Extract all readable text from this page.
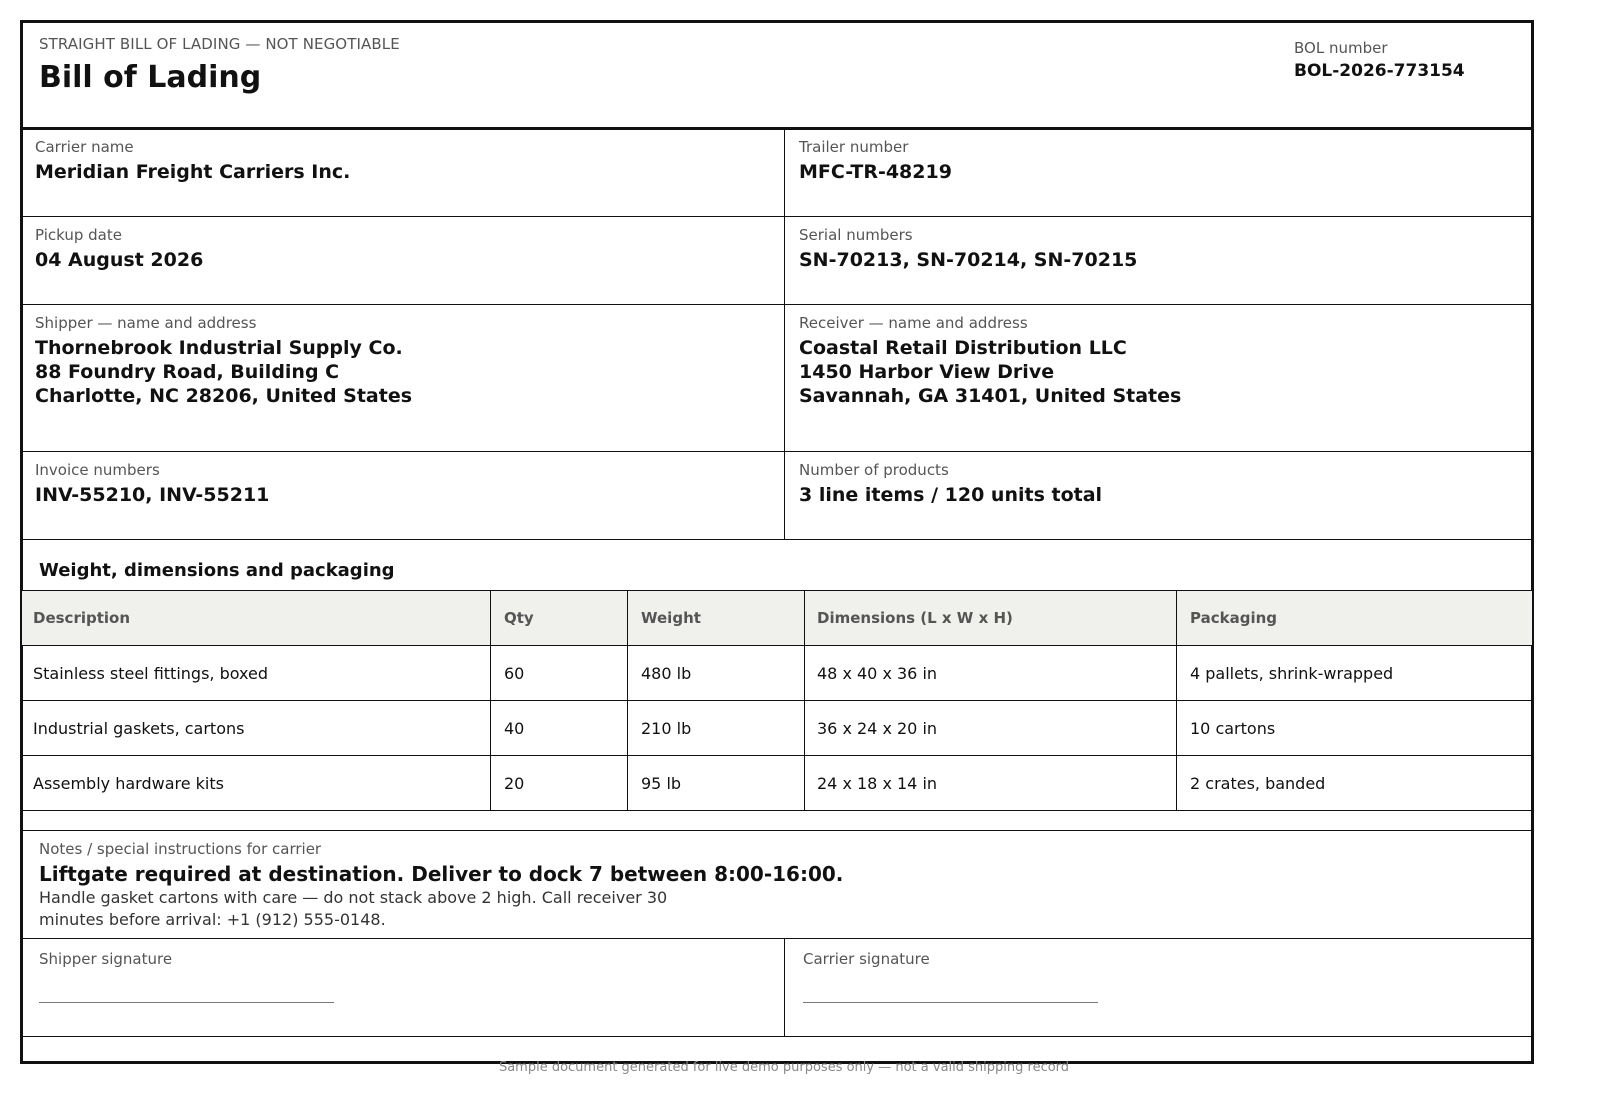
STRAIGHT BILL OF LADING — NOT NEGOTIABLE
Bill of Lading
BOL number
BOL-2026-773154
Carrier name
Meridian Freight Carriers Inc.
Trailer number
MFC-TR-48219
Pickup date
04 August 2026
Serial numbers
SN-70213, SN-70214, SN-70215
Shipper — name and address
Thornebrook Industrial Supply Co.
88 Foundry Road, Building C
Charlotte, NC 28206, United States
Receiver — name and address
Coastal Retail Distribution LLC
1450 Harbor View Drive
Savannah, GA 31401, United States
Invoice numbers
INV-55210, INV-55211
Number of products
3 line items / 120 units total
Weight, dimensions and packaging
Description	Qty	Weight	Dimensions (L x W x H)	Packaging
Stainless steel fittings, boxed	60	480 lb	48 x 40 x 36 in	4 pallets, shrink-wrapped
Industrial gaskets, cartons	40	210 lb	36 x 24 x 20 in	10 cartons
Assembly hardware kits	20	95 lb	24 x 18 x 14 in	2 crates, banded
Notes / special instructions for carrier
Liftgate required at destination. Deliver to dock 7 between 8:00-16:00.
Handle gasket cartons with care — do not stack above 2 high. Call receiver 30 minutes before arrival: +1 (912) 555-0148.
Shipper signature	Carrier signature
Sample document generated for live demo purposes only — not a valid shipping record
